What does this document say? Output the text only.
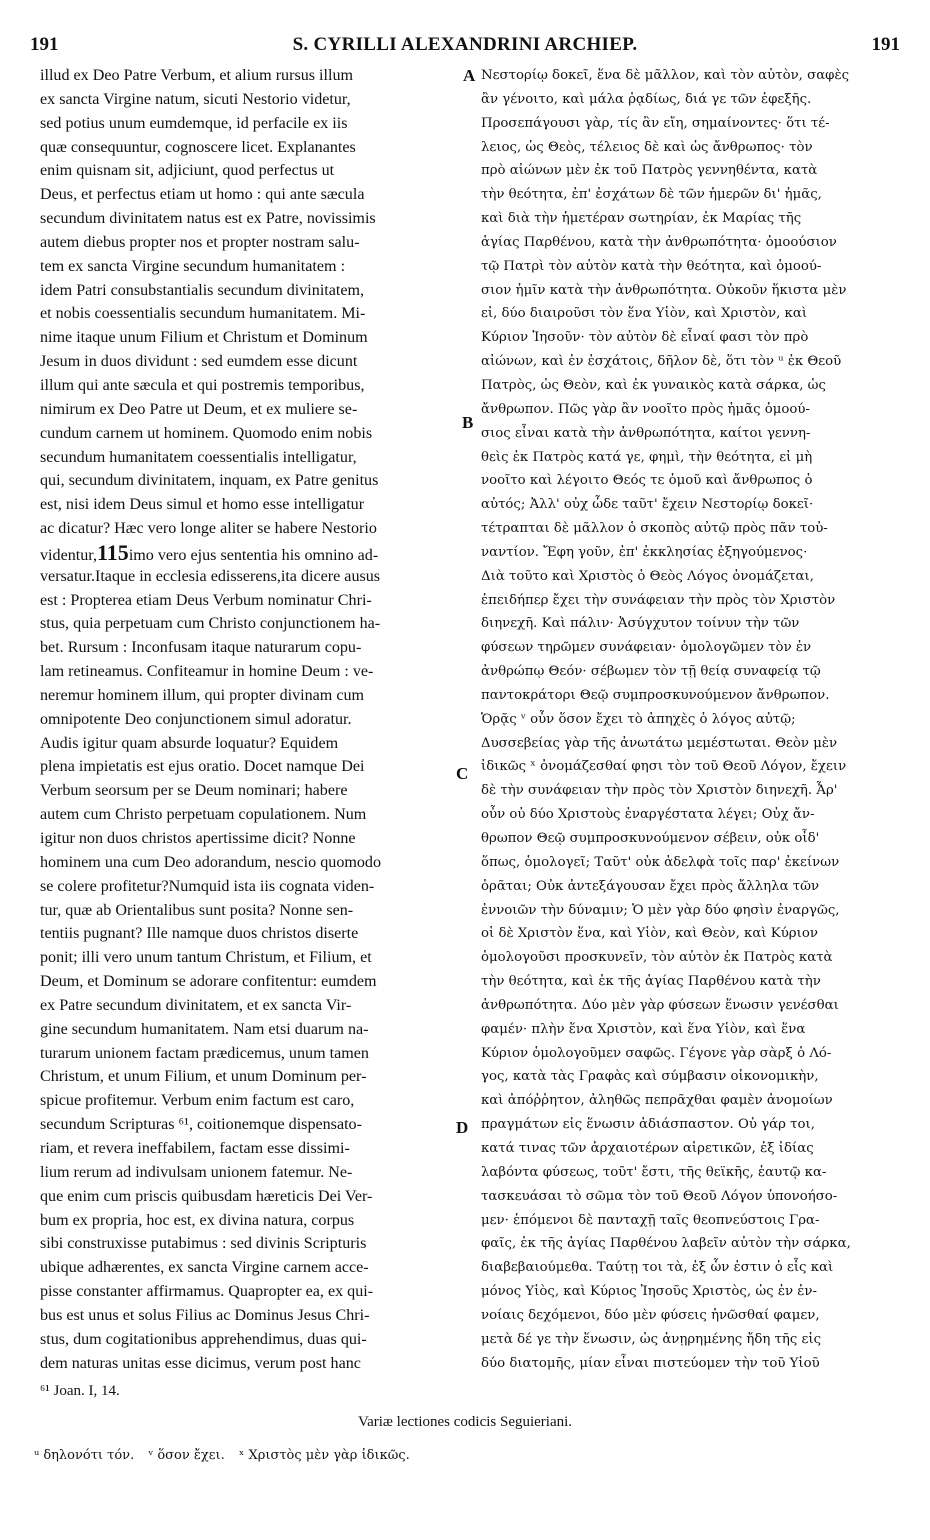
191	S. CYRILLI ALEXANDRINI ARCHIEP.	191
illud ex Deo Patre Verbum, et alium rursus illum
ex sancta Virgine natum, sicuti Nestorio videtur,
sed potius unum eumdemque, id perfacile ex iis
quæ consequuntur, cognoscere licet. Explanantes
enim quisnam sit, adjiciunt, quod perfectus ut
Deus, et perfectus etiam ut homo : qui ante sæcula
secundum divinitatem natus est ex Patre, novissimis
autem diebus propter nos et propter nostram salu-
tem ex sancta Virgine secundum humanitatem :
idem Patri consubstantialis secundum divinitatem,
et nobis coessentialis secundum humanitatem. Mi-
nime itaque unum Filium et Christum et Dominum
Jesum in duos dividunt : sed eumdem esse dicunt
illum qui ante sæcula et qui postremis temporibus,
nimirum ex Deo Patre ut Deum, et ex muliere se-
cundum carnem ut hominem. Quomodo enim nobis
secundum humanitatem coessentialis intelligatur,
qui, secundum divinitatem, inquam, ex Patre genitus
est, nisi idem Deus simul et homo esse intelligatur
ac dicatur? Hæc vero longe aliter se habere Nestorio
videntur,115imo vero ejus sententia his omnino ad-
versatur.Itaque in ecclesia edisserens,ita dicere ausus
est : Propterea etiam Deus Verbum nominatur Chri-
stus, quia perpetuam cum Christo conjunctionem ha-
bet. Rursum : Inconfusam itaque naturarum copu-
lam retineamus. Confiteamur in homine Deum : ve-
neremur hominem illum, qui propter divinam cum
omnipotente Deo conjunctionem simul adoratur.
Audis igitur quam absurde loquatur? Equidem
plena impietatis est ejus oratio. Docet namque Dei
Verbum seorsum per se Deum nominari; habere
autem cum Christo perpetuam copulationem. Num
igitur non duos christos apertissime dicit? Nonne
hominem una cum Deo adorandum, nescio quomodo
se colere profitetur?Numquid ista iis cognata viden-
tur, quæ ab Orientalibus sunt posita? Nonne sen-
tentiis pugnant? Ille namque duos christos diserte
ponit; illi vero unum tantum Christum, et Filium, et
Deum, et Dominum se adorare confitentur: eumdem
ex Patre secundum divinitatem, et ex sancta Vir-
gine secundum humanitatem. Nam etsi duarum na-
turarum unionem factam prædicemus, unum tamen
Christum, et unum Filium, et unum Dominum per-
spicue profitemur. Verbum enim factum est caro,
secundum Scripturas ⁶¹, coitionemque dispensato-
riam, et revera ineffabilem, factam esse dissimi-
lium rerum ad indivulsam unionem fatemur. Ne-
que enim cum priscis quibusdam hæreticis Dei Ver-
bum ex propria, hoc est, ex divina natura, corpus
sibi construxisse putabimus : sed divinis Scripturis
ubique adhærentes, ex sancta Virgine carnem acce-
pisse constanter affirmamus. Quapropter ea, ex qui-
bus est unus et solus Filius ac Dominus Jesus Chri-
stus, dum cogitationibus apprehendimus, duas qui-
dem naturas unitas esse dicimus, verum post hanc
Νεστορίῳ δοκεῖ, ἕνα δὲ μᾶλλον, καὶ τὸν αὐτὸν, σαφὲς
ἂν γένοιτο, καὶ μάλα ῥᾳδίως, διά γε τῶν ἐφεξῆς.
Προσεπάγουσι γὰρ, τίς ἂν εἴη, σημαίνοντες· ὅτι τέ-
λειος, ὡς Θεὸς, τέλειος δὲ καὶ ὡς ἄνθρωπος· τὸν
πρὸ αἰώνων μὲν ἐκ τοῦ Πατρὸς γεννηθέντα, κατὰ
τὴν θεότητα, ἐπ' ἐσχάτων δὲ τῶν ἡμερῶν δι' ἡμᾶς,
καὶ διὰ τὴν ἡμετέραν σωτηρίαν, ἐκ Μαρίας τῆς
ἁγίας Παρθένου, κατὰ τὴν ἀνθρωπότητα· ὁμοούσιον
τῷ Πατρὶ τὸν αὐτὸν κατὰ τὴν θεότητα, καὶ ὁμοού-
σιον ἡμῖν κατὰ τὴν ἀνθρωπότητα. Οὐκοῦν ἥκιστα μὲν
εἰ, δύο διαιροῦσι τὸν ἕνα Υἱὸν, καὶ Χριστὸν, καὶ
Κύριον Ἰησοῦν· τὸν αὐτὸν δὲ εἶναί φασι τὸν πρὸ
αἰώνων, καὶ ἐν ἐσχάτοις, δῆλον δὲ, ὅτι τὸν ᵘ ἐκ Θεοῦ
Πατρὸς, ὡς Θεὸν, καὶ ἐκ γυναικὸς κατὰ σάρκα, ὡς
ἄνθρωπον. Πῶς γὰρ ἂν νοοῖτο πρὸς ἡμᾶς ὁμοού-
σιος εἶναι κατὰ τὴν ἀνθρωπότητα, καίτοι γεννη-
θεὶς ἐκ Πατρὸς κατά γε, φημὶ, τὴν θεότητα, εἰ μὴ
νοοῖτο καὶ λέγοιτο Θεός τε ὁμοῦ καὶ ἄνθρωπος ὁ
αὐτός; Ἀλλ' οὐχ ὧδε ταῦτ' ἔχειν Νεστορίῳ δοκεῖ·
τέτραπται δὲ μᾶλλον ὁ σκοπὸς αὐτῷ πρὸς πᾶν τοὐ-
ναντίον. Ἔφη γοῦν, ἐπ' ἐκκλησίας ἐξηγούμενος·
Διὰ τοῦτο καὶ Χριστὸς ὁ Θεὸς Λόγος ὀνομάζεται,
ἐπειδήπερ ἔχει τὴν συνάφειαν τὴν πρὸς τὸν Χριστὸν
διηνεχῆ. Καὶ πάλιν· Ἀσύγχυτον τοίνυν τὴν τῶν
φύσεων τηρῶμεν συνάφειαν· ὁμολογῶμεν τὸν ἐν
ἀνθρώπῳ Θεόν· σέβωμεν τὸν τῇ θείᾳ συναφείᾳ τῷ
παντοκράτορι Θεῷ συμπροσκυνούμενον ἄνθρωπον.
Ὁρᾷς ᵛ οὖν ὅσον ἔχει τὸ ἀπηχὲς ὁ λόγος αὐτῷ;
Δυσσεβείας γὰρ τῆς ἀνωτάτω μεμέστωται. Θεὸν μὲν
ἰδικῶς ˣ ὀνομάζεσθαί φησι τὸν τοῦ Θεοῦ Λόγον, ἔχειν
δὲ τὴν συνάφειαν τὴν πρὸς τὸν Χριστὸν διηνεχῆ. Ἆρ'
οὖν οὐ δύο Χριστοὺς ἐναργέστατα λέγει; Οὐχ ἄν-
θρωπον Θεῷ συμπροσκυνούμενον σέβειν, οὐκ οἶδ'
ὅπως, ὁμολογεῖ; Ταῦτ' οὐκ ἀδελφὰ τοῖς παρ' ἐκείνων
ὁρᾶται; Οὐκ ἀντεξάγουσαν ἔχει πρὸς ἄλληλα τῶν
ἐννοιῶν τὴν δύναμιν; Ὁ μὲν γὰρ δύο φησὶν ἐναργῶς,
οἱ δὲ Χριστὸν ἕνα, καὶ Υἱὸν, καὶ Θεὸν, καὶ Κύριον
ὁμολογοῦσι προσκυνεῖν, τὸν αὐτὸν ἐκ Πατρὸς κατὰ
τὴν θεότητα, καὶ ἐκ τῆς ἁγίας Παρθένου κατὰ τὴν
ἀνθρωπότητα. Δύο μὲν γὰρ φύσεων ἕνωσιν γενέσθαι
φαμέν· πλὴν ἕνα Χριστὸν, καὶ ἕνα Υἱὸν, καὶ ἕνα
Κύριον ὁμολογοῦμεν σαφῶς. Γέγονε γὰρ σὰρξ ὁ Λό-
γος, κατὰ τὰς Γραφὰς καὶ σύμβασιν οἰκονομικὴν,
καὶ ἀπόῤῥητον, ἀληθῶς πεπρᾶχθαι φαμὲν ἀνομοίων
πραγμάτων εἰς ἕνωσιν ἀδιάσπαστον. Οὐ γάρ τοι,
κατά τινας τῶν ἀρχαιοτέρων αἱρετικῶν, ἐξ ἰδίας
λαβόντα φύσεως, τοῦτ' ἔστι, τῆς θεϊκῆς, ἑαυτῷ κα-
τασκευάσαι τὸ σῶμα τὸν τοῦ Θεοῦ Λόγον ὑπονοήσο-
μεν· ἑπόμενοι δὲ πανταχῇ ταῖς θεοπνεύστοις Γρα-
φαῖς, ἐκ τῆς ἁγίας Παρθένου λαβεῖν αὐτὸν τὴν σάρκα,
διαβεβαιούμεθα. Ταύτῃ τοι τὰ, ἐξ ὧν ἐστιν ὁ εἷς καὶ
μόνος Υἱὸς, καὶ Κύριος Ἰησοῦς Χριστὸς, ὡς ἐν ἐν-
νοίαις δεχόμενοι, δύο μὲν φύσεις ἡνῶσθαί φαμεν,
μετὰ δέ γε τὴν ἕνωσιν, ὡς ἀνῃρημένης ἤδη τῆς εἰς
δύο διατομῆς, μίαν εἶναι πιστεύομεν τὴν τοῦ Υἱοῦ
A
B
C
D
⁶¹ Joan. I, 14.
Variæ lectiones codicis Seguieriani.
ᵘ δηλονότι τόν. ᵛ ὅσον ἔχει. ˣ Χριστὸς μὲν γὰρ ἰδικῶς.
